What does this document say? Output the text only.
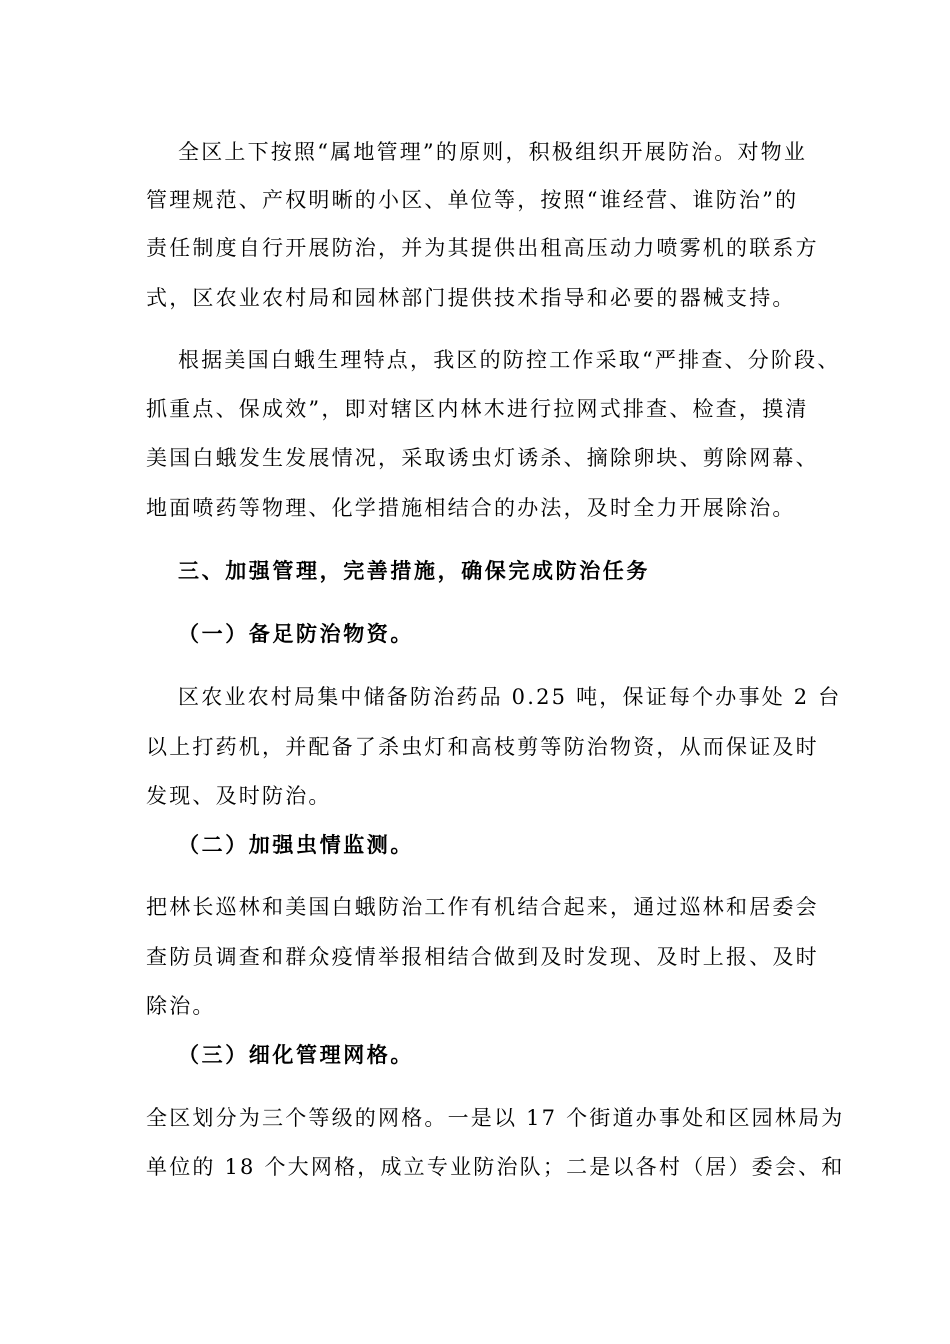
全区上下按照“属地管理”的原则，积极组织开展防治。对物业
管理规范、产权明晰的小区、单位等，按照“谁经营、谁防治”的
责任制度自行开展防治，并为其提供出租高压动力喷雾机的联系方
式，区农业农村局和园林部门提供技术指导和必要的器械支持。
根据美国白蛾生理特点，我区的防控工作采取“严排查、分阶段、
抓重点、保成效”，即对辖区内林木进行拉网式排查、检查，摸清
美国白蛾发生发展情况，采取诱虫灯诱杀、摘除卵块、剪除网幕、
地面喷药等物理、化学措施相结合的办法，及时全力开展除治。
三、加强管理，完善措施，确保完成防治任务
（一）备足防治物资。
区农业农村局集中储备防治药品 0.25 吨，保证每个办事处 2 台
以上打药机，并配备了杀虫灯和高枝剪等防治物资，从而保证及时
发现、及时防治。
（二）加强虫情监测。
把林长巡林和美国白蛾防治工作有机结合起来，通过巡林和居委会
查防员调查和群众疫情举报相结合做到及时发现、及时上报、及时
除治。
（三）细化管理网格。
全区划分为三个等级的网格。一是以 17 个街道办事处和区园林局为
单位的 18 个大网格，成立专业防治队；二是以各村（居）委会、和
